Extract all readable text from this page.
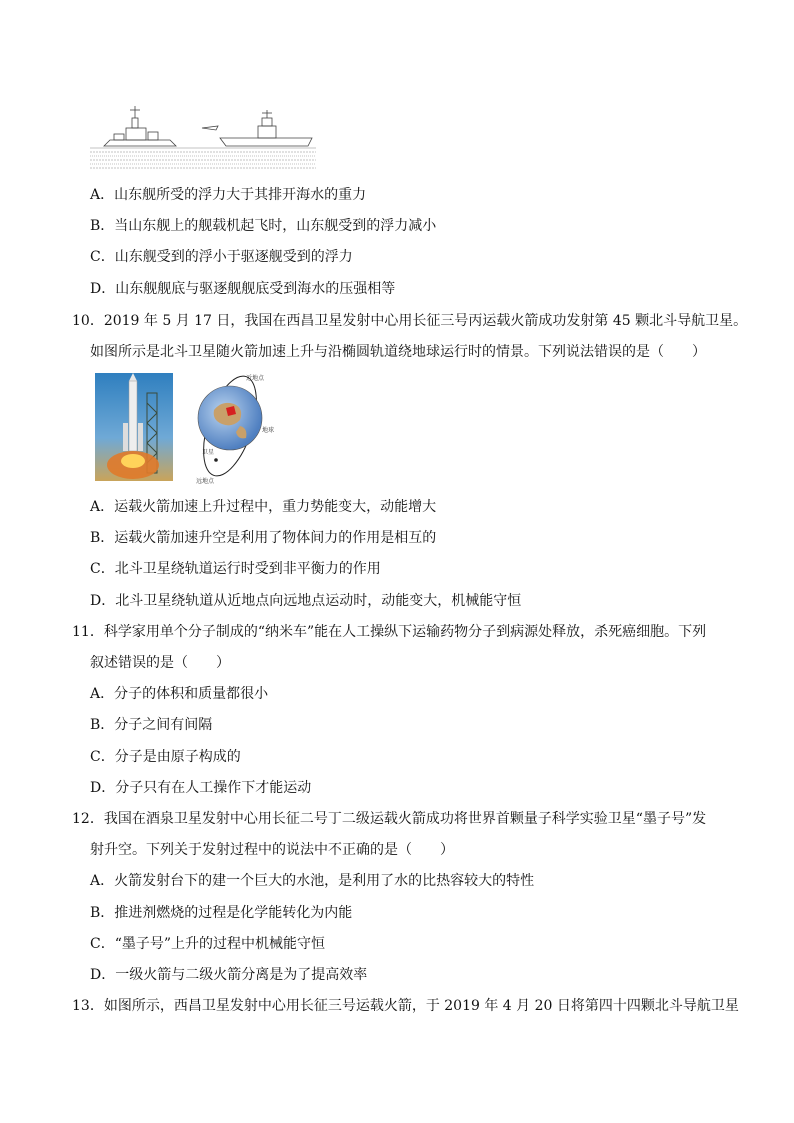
A．山东舰所受的浮力大于其排开海水的重力
B．当山东舰上的舰载机起飞时，山东舰受到的浮力减小
C．山东舰受到的浮小于驱逐舰受到的浮力
D．山东舰舰底与驱逐舰舰底受到海水的压强相等
10．2019 年 5 月 17 日，我国在西昌卫星发射中心用长征三号丙运载火箭成功发射第 45 颗北斗导航卫星。
如图所示是北斗卫星随火箭加速上升与沿椭圆轨道绕地球运行时的情景。下列说法错误的是（　　）
近地点
地球
卫星
远地点
A．运载火箭加速上升过程中，重力势能变大，动能增大
B．运载火箭加速升空是利用了物体间力的作用是相互的
C．北斗卫星绕轨道运行时受到非平衡力的作用
D．北斗卫星绕轨道从近地点向远地点运动时，动能变大，机械能守恒
11．科学家用单个分子制成的“纳米车”能在人工操纵下运输药物分子到病源处释放，杀死癌细胞。下列
叙述错误的是（　　）
A．分子的体积和质量都很小
B．分子之间有间隔
C．分子是由原子构成的
D．分子只有在人工操作下才能运动
12．我国在酒泉卫星发射中心用长征二号丁二级运载火箭成功将世界首颗量子科学实验卫星“墨子号”发
射升空。下列关于发射过程中的说法中不正确的是（　　）
A．火箭发射台下的建一个巨大的水池，是利用了水的比热容较大的特性
B．推进剂燃烧的过程是化学能转化为内能
C．“墨子号”上升的过程中机械能守恒
D．一级火箭与二级火箭分离是为了提高效率
13．如图所示，西昌卫星发射中心用长征三号运载火箭，于 2019 年 4 月 20 日将第四十四颗北斗导航卫星
